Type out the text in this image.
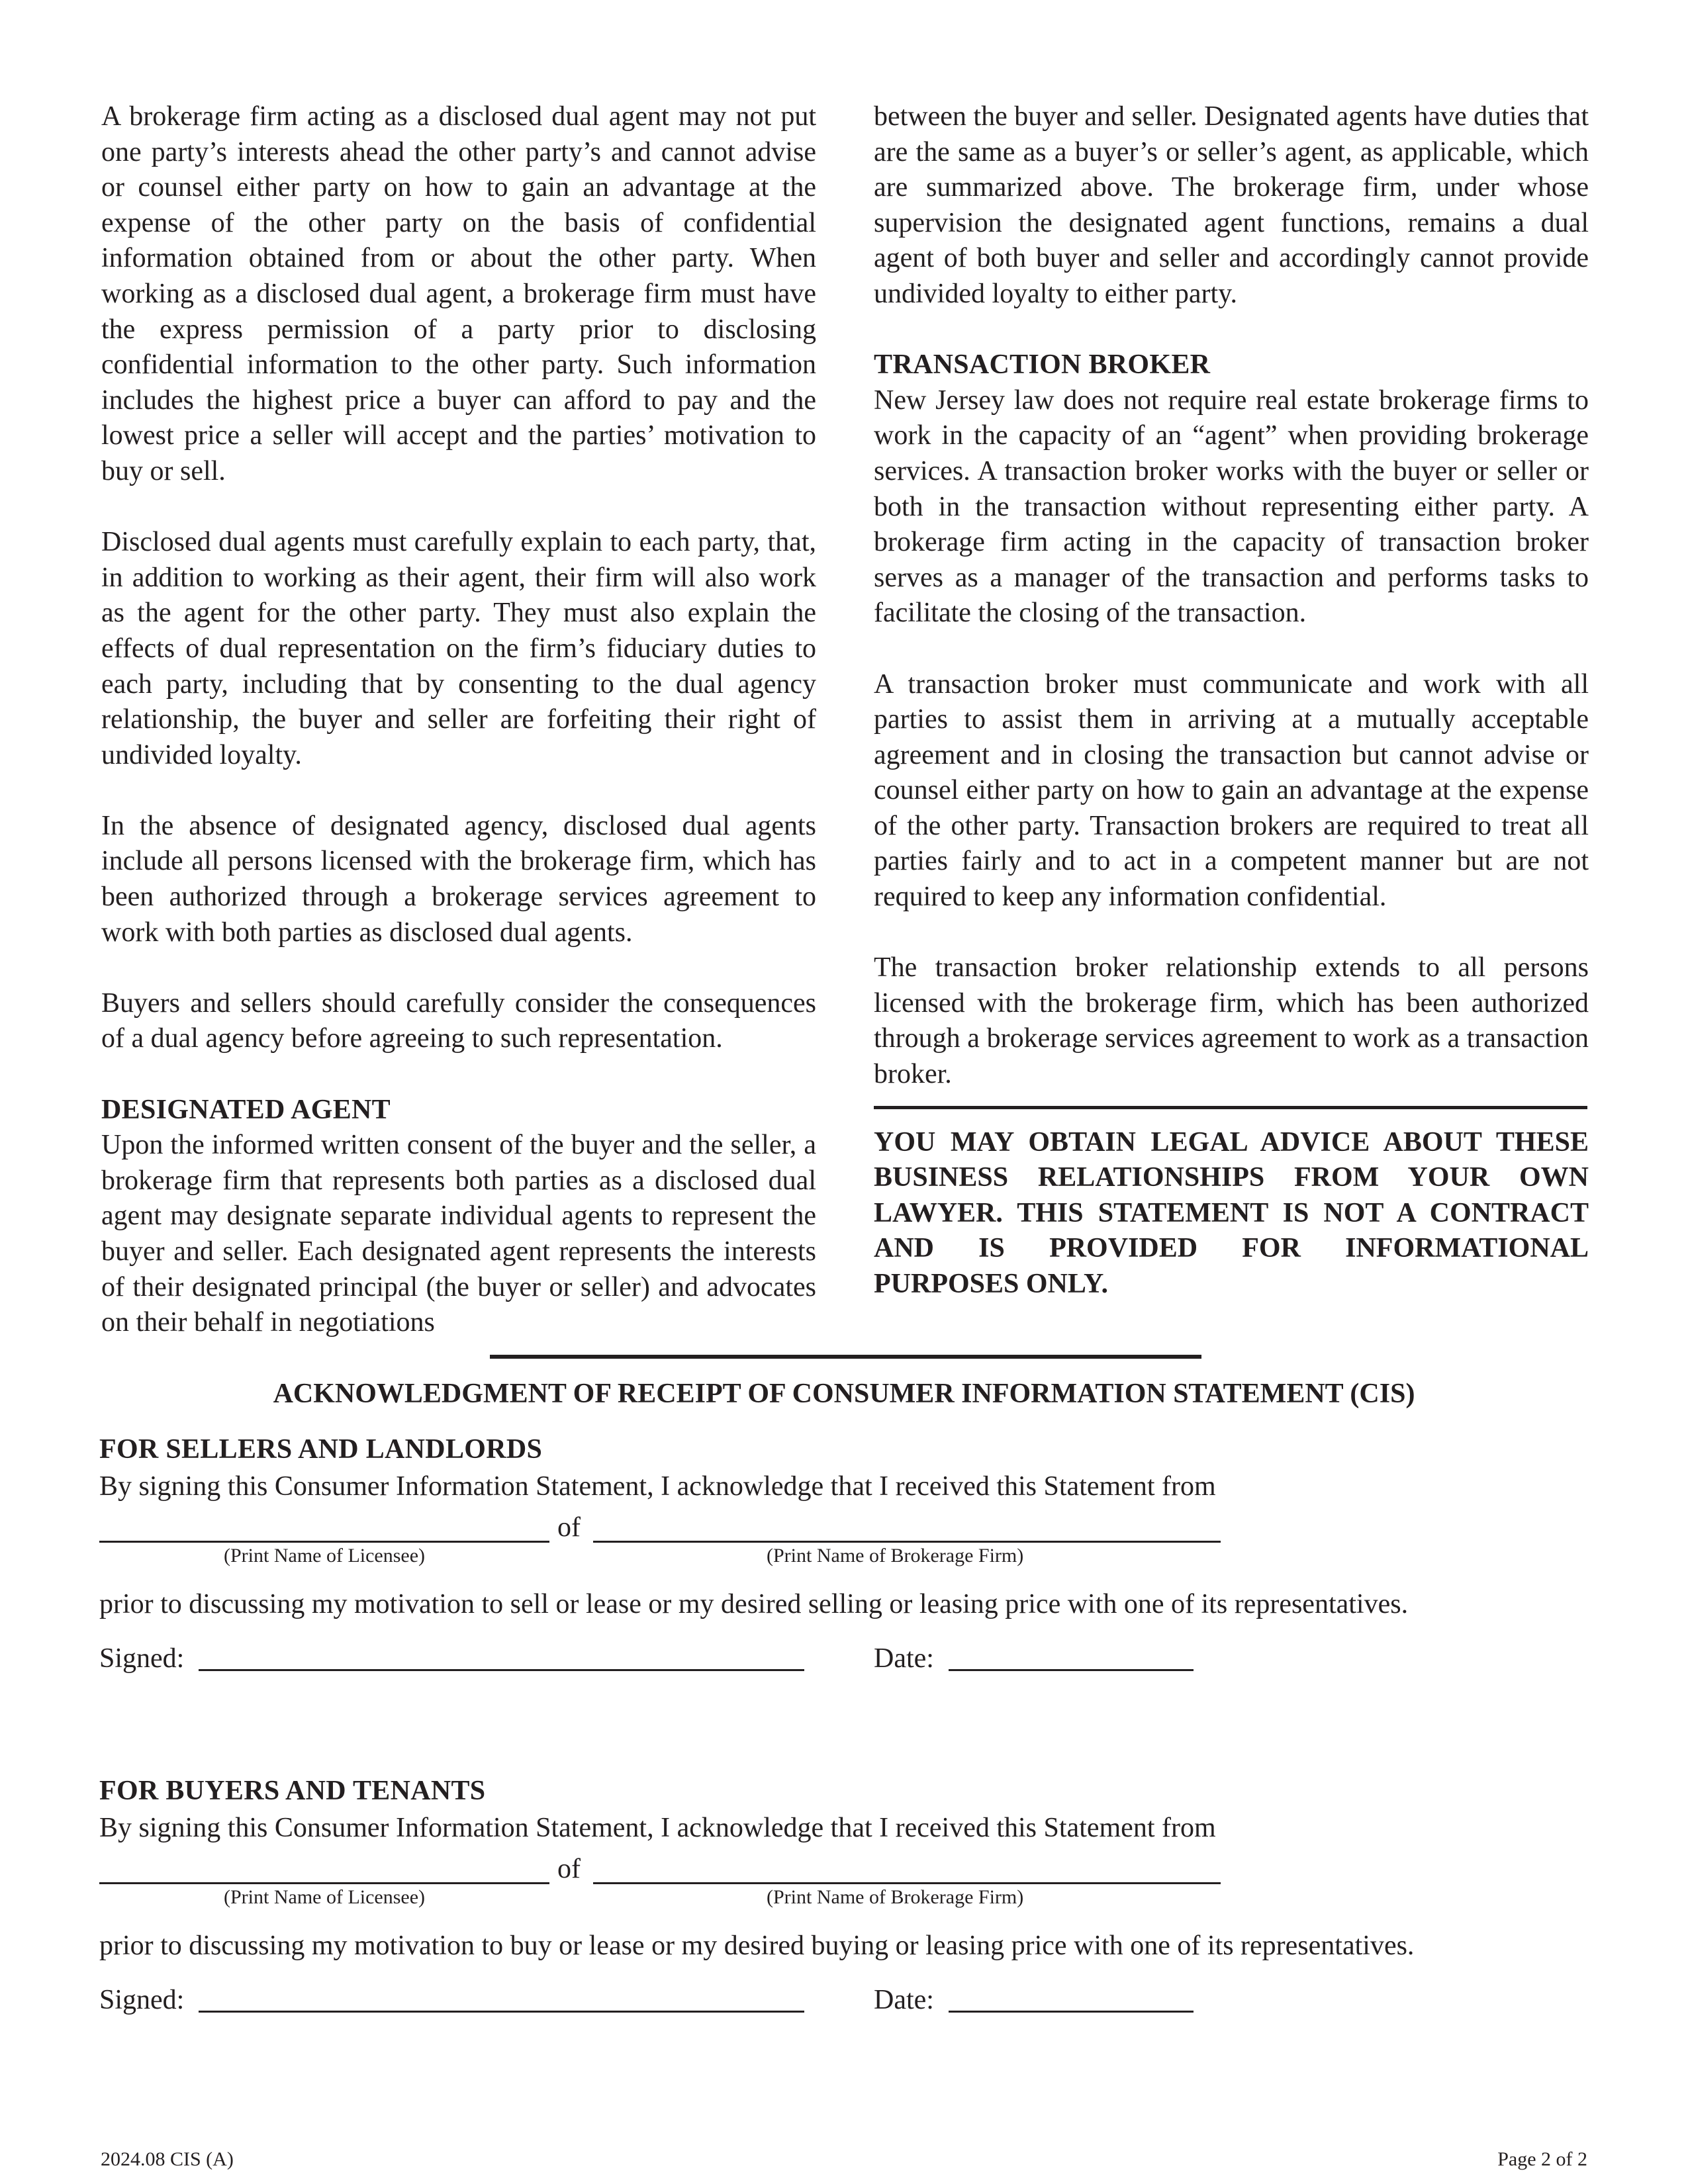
A brokerage firm acting as a disclosed dual agent may not put one party’s interests ahead the other party’s and cannot advise or counsel either party on how to gain an advantage at the expense of the other party on the basis of confidential information obtained from or about the other party. When working as a disclosed dual agent, a brokerage firm must have the express permission of a party prior to disclosing confidential information to the other party. Such information includes the highest price a buyer can afford to pay and the lowest price a seller will accept and the parties’ motivation to buy or sell.

Disclosed dual agents must carefully explain to each party, that, in addition to working as their agent, their firm will also work as the agent for the other party. They must also explain the effects of dual representation on the firm’s fiduciary duties to each party, including that by consenting to the dual agency relationship, the buyer and seller are forfeiting their right of undivided loyalty.

In the absence of designated agency, disclosed dual agents include all persons licensed with the brokerage firm, which has been authorized through a brokerage services agreement to work with both parties as disclosed dual agents.

Buyers and sellers should carefully consider the consequences of a dual agency before agreeing to such representation.

DESIGNATED AGENT

Upon the informed written consent of the buyer and the seller, a brokerage firm that represents both parties as a disclosed dual agent may designate separate individual agents to represent the buyer and seller. Each designated agent represents the interests of their designated principal (the buyer or seller) and advocates on their behalf in negotiations

between the buyer and seller. Designated agents have duties that are the same as a buyer’s or seller’s agent, as applicable, which are summarized above. The brokerage firm, under whose supervision the designated agent functions, remains a dual agent of both buyer and seller and accordingly cannot provide undivided loyalty to either party.

TRANSACTION BROKER

New Jersey law does not require real estate brokerage firms to work in the capacity of an “agent” when providing brokerage services. A transaction broker works with the buyer or seller or both in the transaction without representing either party. A brokerage firm acting in the capacity of transaction broker serves as a manager of the transaction and performs tasks to facilitate the closing of the transaction.

A transaction broker must communicate and work with all parties to assist them in arriving at a mutually acceptable agreement and in closing the transaction but cannot advise or counsel either party on how to gain an advantage at the expense of the other party. Transaction brokers are required to treat all parties fairly and to act in a competent manner but are not required to keep any information confidential.

The transaction broker relationship extends to all persons licensed with the brokerage firm, which has been authorized through a brokerage services agreement to work as a transaction broker.

YOU MAY OBTAIN LEGAL ADVICE ABOUT THESE BUSINESS RELATIONSHIPS FROM YOUR OWN LAWYER. THIS STATEMENT IS NOT A CONTRACT AND IS PROVIDED FOR INFORMATIONAL PURPOSES ONLY.
ACKNOWLEDGMENT OF RECEIPT OF CONSUMER INFORMATION STATEMENT (CIS)
FOR SELLERS AND LANDLORDS
By signing this Consumer Information Statement, I acknowledge that I received this Statement from
of
(Print Name of Licensee)	(Print Name of Brokerage Firm)
prior to discussing my motivation to sell or lease or my desired selling or leasing price with one of its representatives.
Signed:	Date:
FOR BUYERS AND TENANTS
By signing this Consumer Information Statement, I acknowledge that I received this Statement from
of
(Print Name of Licensee)	(Print Name of Brokerage Firm)
prior to discussing my motivation to buy or lease or my desired buying or leasing price with one of its representatives.
Signed:	Date:
2024.08 CIS (A)	Page 2 of 2
